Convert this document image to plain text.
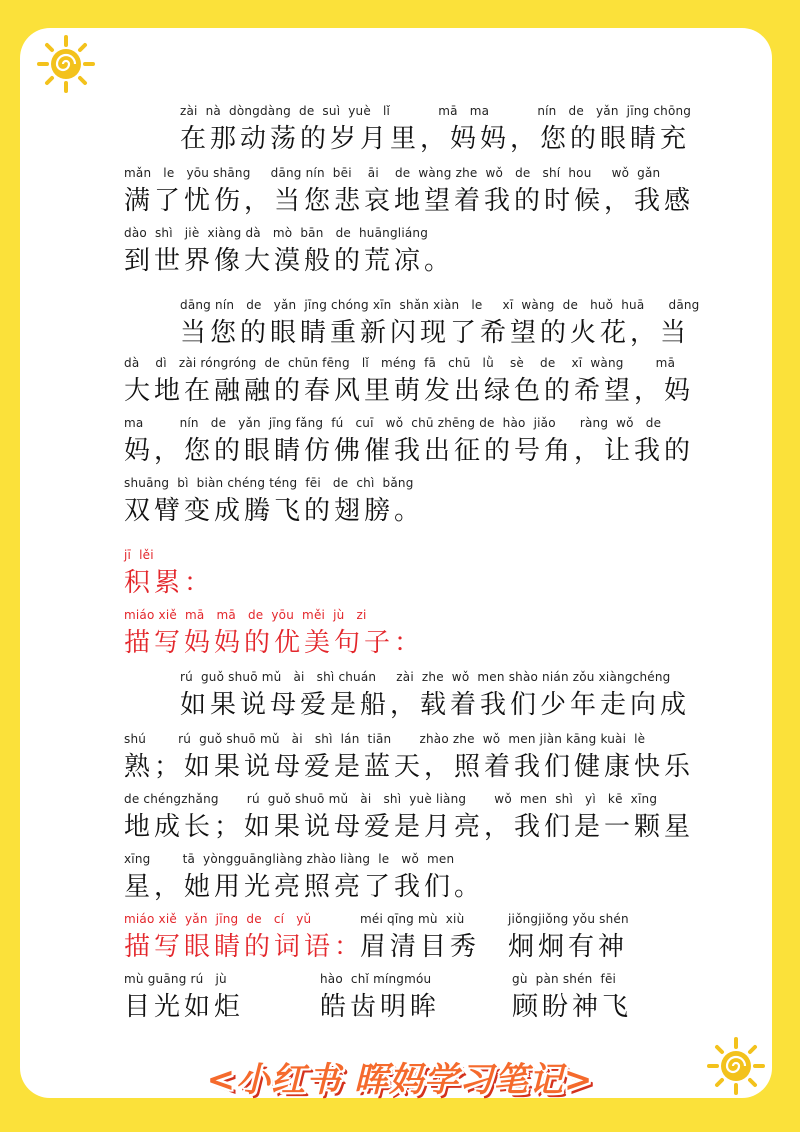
zài  nà  dòngdàng  de  suì  yuè   lǐ            mā   ma            nín   de   yǎn  jīng chōng
在那动荡的岁月里，妈妈，您的眼睛充
mǎn   le   yōu shāng     dāng nín  bēi    āi    de  wàng zhe  wǒ   de   shí  hou     wǒ  gǎn
满了忧伤，当您悲哀地望着我的时候，我感
dào  shì   jiè  xiàng dà   mò  bān   de  huāngliáng
到世界像大漠般的荒凉。
dāng nín   de   yǎn  jīng chóng xīn  shǎn xiàn   le     xī  wàng  de   huǒ  huā      dāng
当您的眼睛重新闪现了希望的火花，当
dà    dì   zài róngróng  de  chūn fēng   lǐ   méng  fā   chū   lǜ    sè    de    xī  wàng        mā
大地在融融的春风里萌发出绿色的希望，妈
ma         nín   de   yǎn  jīng fǎng  fú   cuī   wǒ  chū zhēng de  hào  jiǎo      ràng  wǒ   de
妈，您的眼睛仿佛催我出征的号角，让我的
shuāng  bì  biàn chéng téng  fēi   de  chì  bǎng
双臂变成腾飞的翅膀。
jī  lěi
积累：
miáo xiě  mā   mā   de  yōu  měi  jù   zi
描写妈妈的优美句子：
rú  guǒ shuō mǔ   ài   shì chuán     zài  zhe  wǒ  men shào nián zǒu xiàngchéng
如果说母爱是船，载着我们少年走向成
shú        rú  guǒ shuō mǔ   ài   shì  lán  tiān       zhào zhe  wǒ  men jiàn kāng kuài  lè
熟；如果说母爱是蓝天，照着我们健康快乐
de chéngzhǎng       rú  guǒ shuō mǔ   ài   shì  yuè liàng       wǒ  men  shì   yì   kē  xīng
地成长；如果说母爱是月亮，我们是一颗星
xīng        tā  yòngguāngliàng zhào liàng  le   wǒ  men
星，她用光亮照亮了我们。
miáo xiě  yǎn  jīng  de   cí   yǔ
描写眼睛的词语：
méi qīng mù  xiù
眉清目秀
jiǒngjiǒng yǒu shén
炯炯有神
mù guāng rú   jù
目光如炬
hào  chǐ míngmóu
皓齿明眸
gù  pàn shén  fēi
顾盼神飞
<小红书 晖妈学习笔记>
